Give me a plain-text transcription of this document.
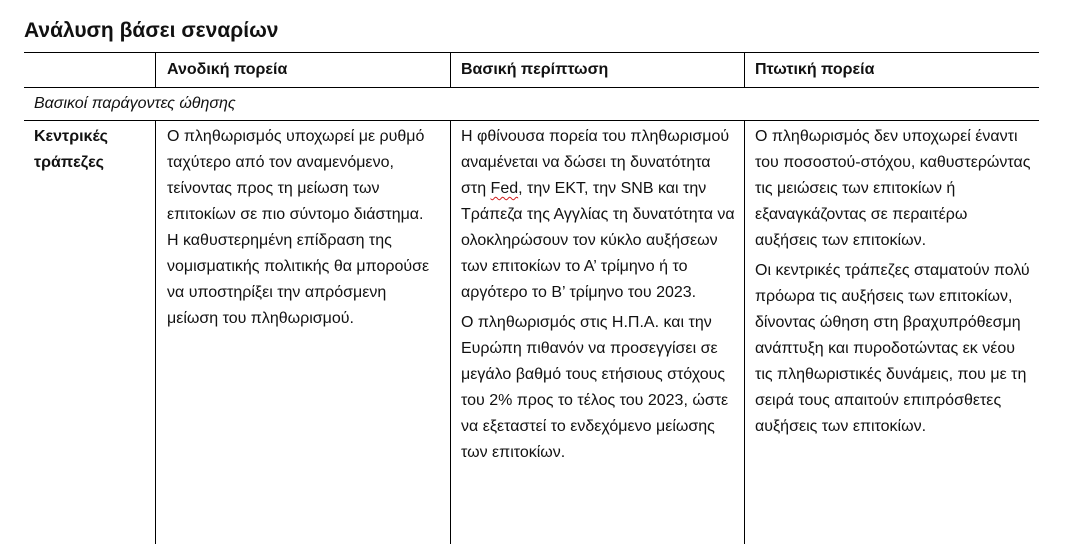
Ανάλυση βάσει σεναρίων
Ανοδική πορεία	Βασική περίπτωση	Πτωτική πορεία
Βασικοί παράγοντες ώθησης
Κεντρικές τράπεζες

Ο πληθωρισμός υποχωρεί με ρυθμό ταχύτερο από τον αναμενόμενο, τείνοντας προς τη μείωση των επιτοκίων σε πιο σύντομο διάστημα. Η καθυστερημένη επίδραση της νομισματικής πολιτικής θα μπορούσε να υποστηρίξει την απρόσμενη μείωση του πληθωρισμού.

Η φθίνουσα πορεία του πληθωρισμού αναμένεται να δώσει τη δυνατότητα στη Fed, την ΕΚΤ, την SNB και την Τράπεζα της Αγγλίας τη δυνατότητα να ολοκληρώσουν τον κύκλο αυξήσεων των επιτοκίων το Α’ τρίμηνο ή το αργότερο το Β’ τρίμηνο του 2023.

Ο πληθωρισμός στις Η.Π.Α. και την Ευρώπη πιθανόν να προσεγγίσει σε μεγάλο βαθμό τους ετήσιους στόχους του 2% προς το τέλος του 2023, ώστε να εξεταστεί το ενδεχόμενο μείωσης των επιτοκίων.

Ο πληθωρισμός δεν υποχωρεί έναντι του ποσοστού-στόχου, καθυστερώντας τις μειώσεις των επιτοκίων ή εξαναγκάζοντας σε περαιτέρω αυξήσεις των επιτοκίων.

Οι κεντρικές τράπεζες σταματούν πολύ πρόωρα τις αυξήσεις των επιτοκίων, δίνοντας ώθηση στη βραχυπρόθεσμη ανάπτυξη και πυροδοτώντας εκ νέου τις πληθωριστικές δυνάμεις, που με τη σειρά τους απαιτούν επιπρόσθετες αυξήσεις των επιτοκίων.
